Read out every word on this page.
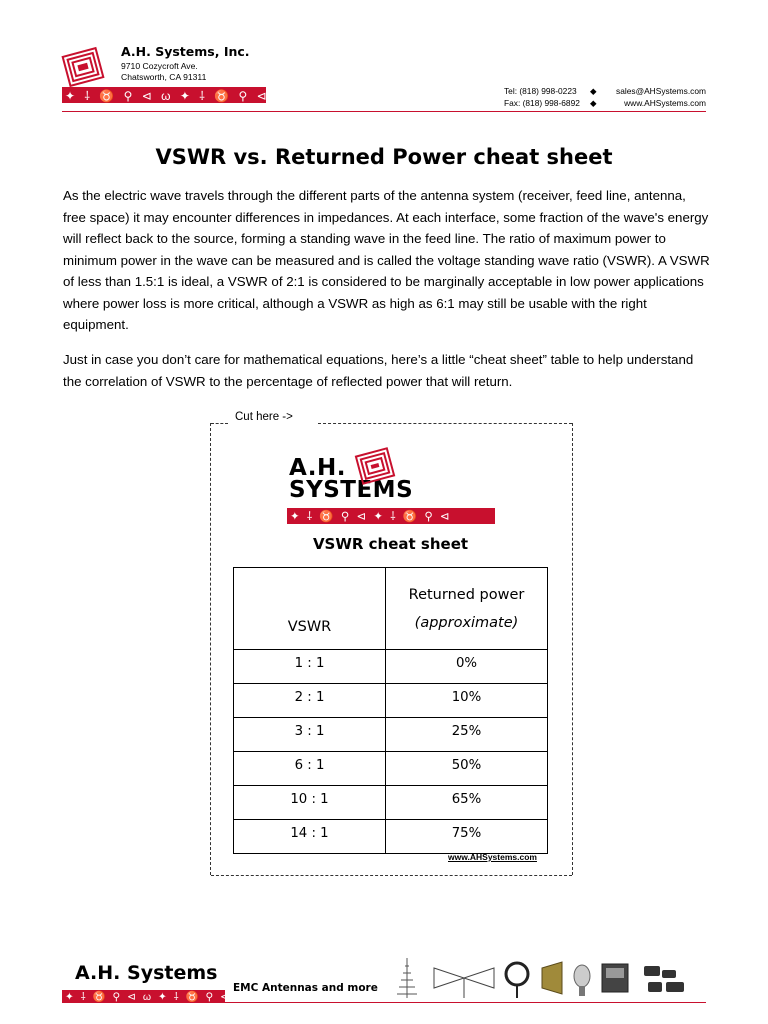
A.H. Systems, Inc.
9710 Cozycroft Ave.
Chatsworth, CA 91311
✦ ⸸ ♉ ⚲ ⊲ ω ✦ ⸸ ♉ ⚲ ⊲ ω	Tel: (818) 998-0223
Fax: (818) 998-6892
◆
◆
sales@AHSystems.com
www.AHSystems.com
VSWR vs. Returned Power cheat sheet
As the electric wave travels through the different parts of the antenna system (receiver, feed line, antenna, free space) it may encounter differences in impedances. At each interface, some fraction of the wave's energy will reflect back to the source, forming a standing wave in the feed line. The ratio of maximum power to minimum power in the wave can be measured and is called the voltage standing wave ratio (VSWR). A VSWR of less than 1.5:1 is ideal, a VSWR of 2:1 is considered to be marginally acceptable in low power applications where power loss is more critical, although a VSWR as high as 6:1 may still be usable with the right equipment.
Just in case you don’t care for mathematical equations, here’s a little “cheat sheet” table to help understand the correlation of VSWR to the percentage of reflected power that will return.
Cut here ->
A.H.
SYSTEMS
✦ ⸸ ♉ ⚲ ⊲ ✦ ⸸ ♉ ⚲ ⊲
VSWR cheat sheet
VSWR	Returned power
(approximate)

1 : 1	0%
2 : 1	10%
3 : 1	25%
6 : 1	50%
10 : 1	65%
14 : 1	75%
www.AHSystems.com
A.H. Systems
✦ ⸸ ♉ ⚲ ⊲ ω ✦ ⸸ ♉ ⚲ ⊲
EMC Antennas and more
